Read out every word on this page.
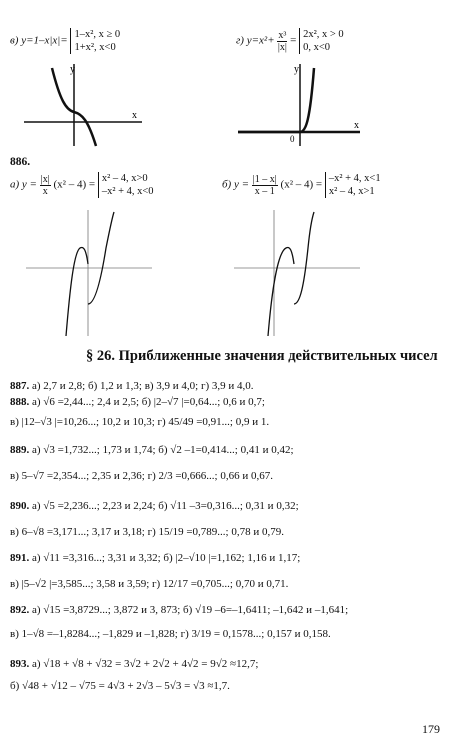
в) y=1–x|x|=
1–x², x ≥ 0
1+x², x<0
г) $y=x^2+ \frac{\text{x³}}{|x|}$ =
2x², x > 0
0, x<0
y
x
y
x
0
886.
а) $y = \frac{|x|}{x} (x^2 - 4)$ =
x² – 4, x>0
–x² + 4, x<0
б) $y = \frac{|1 - x|}{x - 1} (x^2 - 4)$ =
–x² + 4, x<1
x² – 4, x>1
§ 26. Приближенные значения действительных чисел
887. а) 2,7 и 2,8; б) 1,2 и 1,3; в) 3,9 и 4,0; г) 3,9 и 4,0.
888. а) √6 =2,44...; 2,4 и 2,5; б) |2–√7 |=0,64...; 0,6 и 0,7;
в) |12–√3 |=10,26...; 10,2 и 10,3; г) 45/49 =0,91...; 0,9 и 1.
889. а) √3 =1,732...; 1,73 и 1,74; б) √2 –1=0,414...; 0,41 и 0,42;
в) 5–√7 =2,354...; 2,35 и 2,36; г) 2/3 =0,666...; 0,66 и 0,67.
890. а) √5 =2,236...; 2,23 и 2,24; б) √11 –3=0,316...; 0,31 и 0,32;
в) 6–√8 =3,171...; 3,17 и 3,18; г) 15/19 =0,789...; 0,78 и 0,79.
891. а) √11 =3,316...; 3,31 и 3,32; б) |2–√10 |=1,162; 1,16 и 1,17;
в) |5–√2 |=3,585...; 3,58 и 3,59; г) 12/17 =0,705...; 0,70 и 0,71.
892. а) √15 =3,8729...; 3,872 и 3, 873; б) √19 –6=–1,6411; –1,642 и –1,641;
в) 1–√8 =–1,8284...; –1,829 и –1,828; г) 3/19 = 0,1578...; 0,157 и 0,158.
893. а) √18 + √8 + √32 = 3√2 + 2√2 + 4√2 = 9√2 ≈12,7;
б) √48 + √12 – √75 = 4√3 + 2√3 – 5√3 = √3 ≈1,7.
179
